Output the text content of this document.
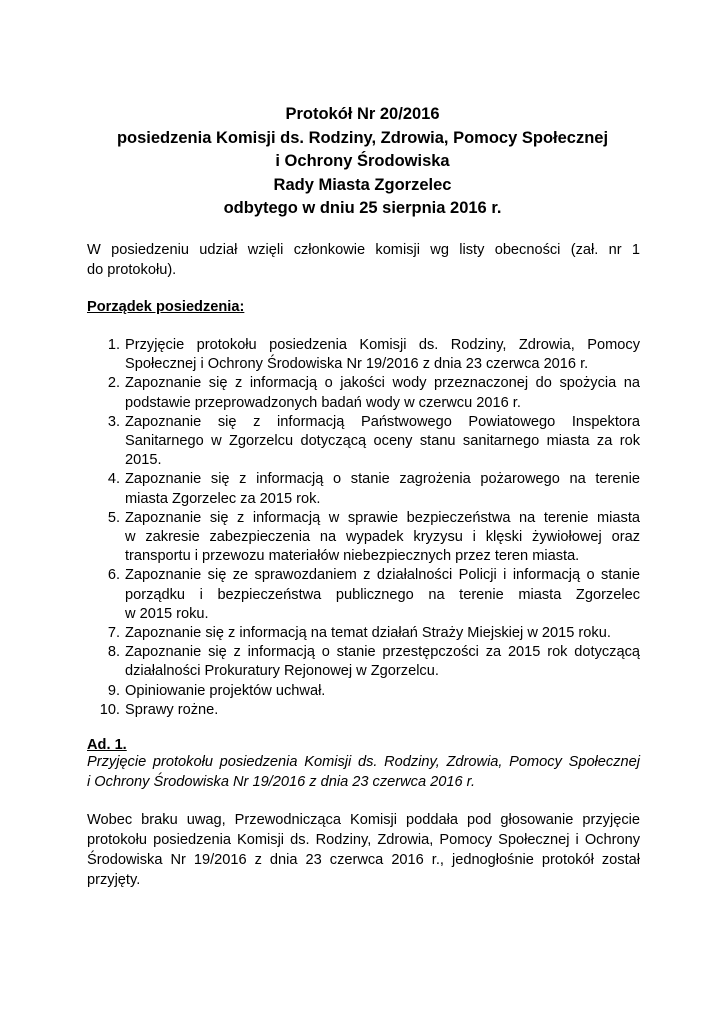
Protokół Nr 20/2016
posiedzenia Komisji ds. Rodziny, Zdrowia, Pomocy Społecznej
i Ochrony Środowiska
Rady Miasta Zgorzelec
odbytego w dniu 25 sierpnia 2016 r.
W posiedzeniu udział wzięli członkowie komisji wg listy obecności (zał. nr 1
do protokołu).
Porządek posiedzenia:
1. Przyjęcie protokołu posiedzenia Komisji ds. Rodziny, Zdrowia, Pomocy
Społecznej i Ochrony Środowiska Nr 19/2016 z dnia 23 czerwca 2016 r.
2. Zapoznanie się z informacją o jakości wody przeznaczonej do spożycia na
podstawie przeprowadzonych badań wody w czerwcu 2016 r.
3. Zapoznanie się z informacją Państwowego Powiatowego Inspektora
Sanitarnego w Zgorzelcu dotyczącą oceny stanu sanitarnego miasta za rok
2015.
4. Zapoznanie się z informacją o stanie zagrożenia pożarowego na terenie
miasta Zgorzelec za 2015 rok.
5. Zapoznanie się z informacją w sprawie bezpieczeństwa na terenie miasta
w zakresie zabezpieczenia na wypadek kryzysu i klęski żywiołowej oraz
transportu i przewozu materiałów niebezpiecznych przez teren miasta.
6. Zapoznanie się ze sprawozdaniem z działalności Policji i informacją o stanie
porządku i bezpieczeństwa publicznego na terenie miasta Zgorzelec
w 2015 roku.
7. Zapoznanie się z informacją na temat działań Straży Miejskiej w 2015 roku.
8. Zapoznanie się z informacją o stanie przestępczości za 2015 rok dotyczącą
działalności Prokuratury Rejonowej w Zgorzelcu.
9. Opiniowanie projektów uchwał.
10. Sprawy rożne.
Ad. 1.
Przyjęcie protokołu posiedzenia Komisji ds. Rodziny, Zdrowia, Pomocy Społecznej
i Ochrony Środowiska Nr 19/2016 z dnia 23 czerwca 2016 r.
Wobec braku uwag, Przewodnicząca Komisji poddała pod głosowanie przyjęcie
protokołu posiedzenia Komisji ds. Rodziny, Zdrowia, Pomocy Społecznej i Ochrony
Środowiska Nr 19/2016 z dnia 23 czerwca 2016 r., jednogłośnie protokół został
przyjęty.
